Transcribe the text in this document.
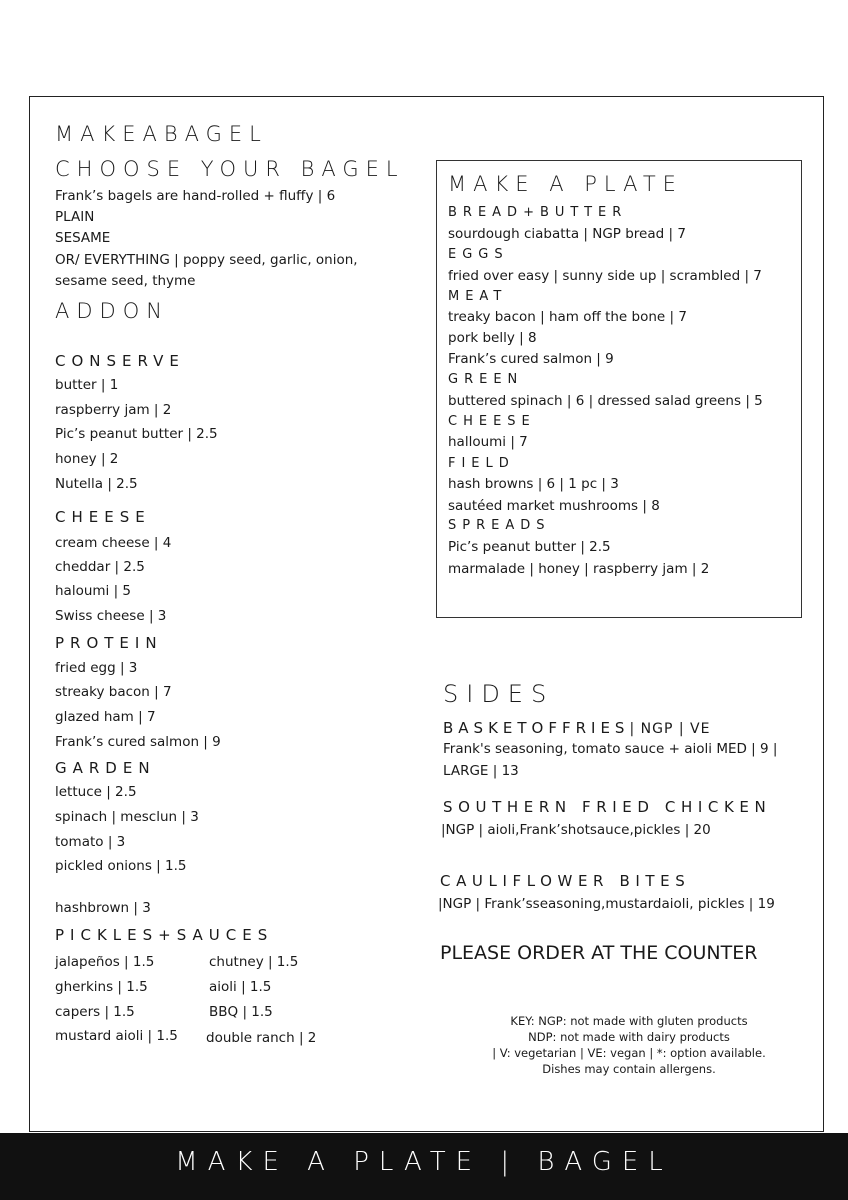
MAKEABAGEL
CHOOSE YOUR BAGEL
Frank’s bagels are hand-rolled + fluffy | 6
PLAIN
SESAME
OR/ EVERYTHING | poppy seed, garlic, onion,
sesame seed, thyme
ADDON
CONSERVE
butter | 1
raspberry jam | 2
Pic’s peanut butter | 2.5
honey | 2
Nutella | 2.5
CHEESE
cream cheese | 4
cheddar | 2.5
haloumi | 5
Swiss cheese | 3
PROTEIN
fried egg | 3
streaky bacon | 7
glazed ham | 7
Frank’s cured salmon | 9
GARDEN
lettuce | 2.5
spinach | mesclun | 3
tomato | 3
pickled onions | 1.5
hashbrown | 3
PICKLES+SAUCES
jalapeños | 1.5
gherkins | 1.5
capers | 1.5
mustard aioli | 1.5
chutney | 1.5
aioli | 1.5
BBQ | 1.5
double ranch | 2
MAKE A PLATE
BREAD+BUTTER
sourdough ciabatta | NGP bread | 7
EGGS
fried over easy | sunny side up | scrambled | 7
MEAT
treaky bacon | ham off the bone | 7
pork belly | 8
Frank’s cured salmon | 9
GREEN
buttered spinach | 6 | dressed salad greens | 5
CHEESE
halloumi | 7
FIELD
hash browns | 6 | 1 pc | 3
sautéed market mushrooms | 8
SPREADS
Pic’s peanut butter | 2.5
marmalade | honey | raspberry jam | 2
SIDES
BASKETOFFRIES| NGP | VE
Frank's seasoning, tomato sauce + aioli MED | 9 |
LARGE | 13
SOUTHERN FRIED CHICKEN
|NGP | aioli,Frank’shotsauce,pickles | 20
CAULIFLOWER BITES
|NGP | Frank’sseasoning,mustardaioli, pickles | 19
PLEASE ORDER AT THE COUNTER
KEY: NGP: not made with gluten products
NDP: not made with dairy products
| V: vegetarian | VE: vegan | *: option available.
Dishes may contain allergens.
MAKE A PLATE | BAGEL
